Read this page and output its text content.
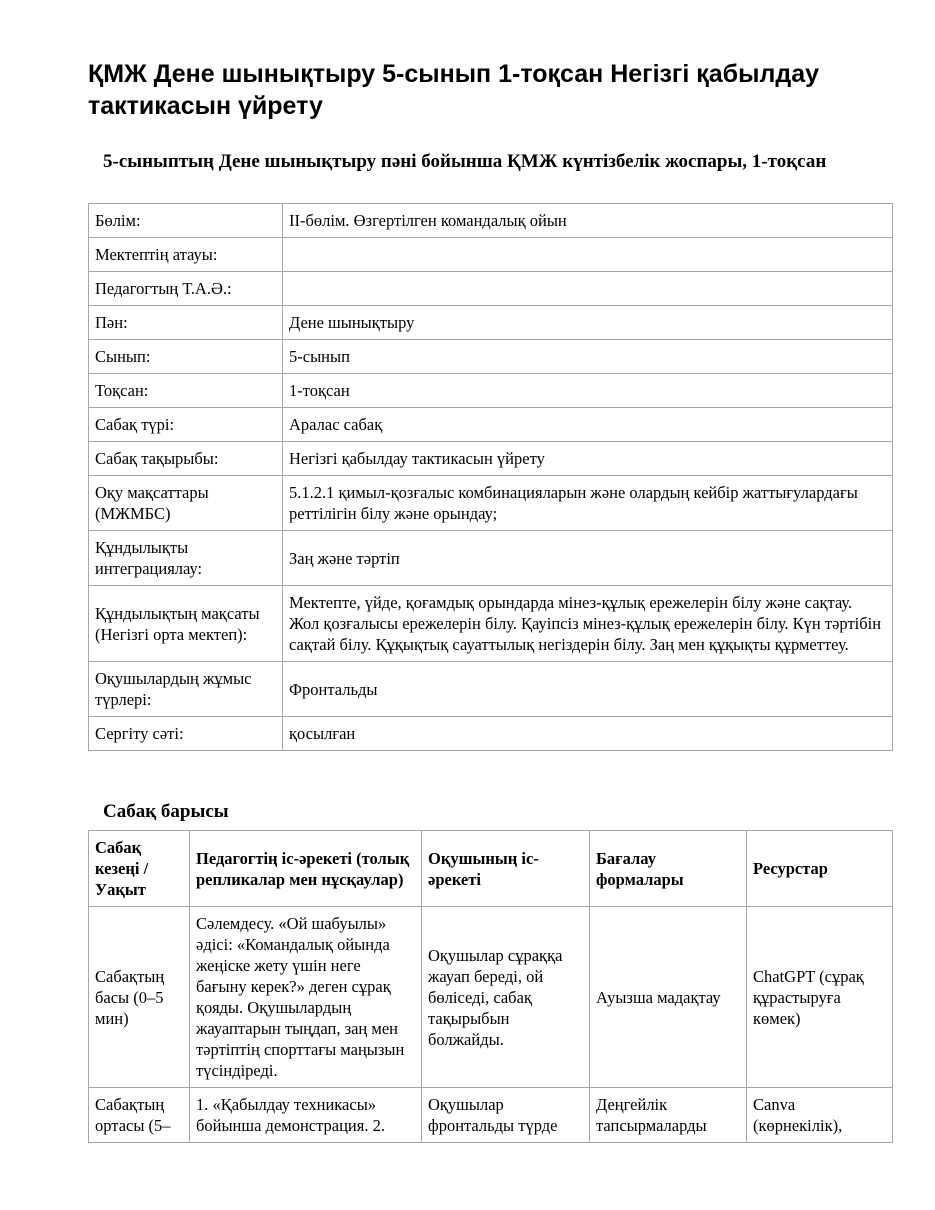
ҚМЖ Дене шынықтыру 5-сынып 1-тоқсан Негізгі қабылдау тактикасын үйрету
5-сыныптың Дене шынықтыру пәні бойынша ҚМЖ күнтізбелік жоспары, 1-тоқсан
Бөлім:	ІІ-бөлім. Өзгертілген командалық ойын
Мектептің атауы:	
Педагогтың Т.А.Ә.:	
Пән:	Дене шынықтыру
Сынып:	5-сынып
Тоқсан:	1-тоқсан
Сабақ түрі:	Аралас сабақ
Сабақ тақырыбы:	Негізгі қабылдау тактикасын үйрету
Оқу мақсаттары (МЖМБС)	5.1.2.1 қимыл-қозғалыс комбинацияларын және олардың кейбір жаттығулардағы реттілігін білу және орындау;
Құндылықты интеграциялау:	Заң және тәртіп
Құндылықтың мақсаты (Негізгі орта мектеп):	Мектепте, үйде, қоғамдық орындарда мінез-құлық ережелерін білу және сақтау. Жол қозғалысы ережелерін білу. Қауіпсіз мінез-құлық ережелерін білу. Күн тәртібін сақтай білу. Құқықтық сауаттылық негіздерін білу. Заң мен құқықты құрметтеу.
Оқушылардың жұмыс түрлері:	Фронтальды
Сергіту сәті:	қосылған
Сабақ барысы
Сабақ кезеңі / Уақыт	Педагогтің іс-әрекеті (толық репликалар мен нұсқаулар)	Оқушының іс-әрекеті	Бағалау формалары	Ресурстар
Сабақтың басы (0–5 мин)	Сәлемдесу. «Ой шабуылы» әдісі: «Командалық ойында жеңіске жету үшін неге бағыну керек?» деген сұрақ қояды. Оқушылардың жауаптарын тыңдап, заң мен тәртіптің спорттағы маңызын түсіндіреді.	Оқушылар сұраққа жауап береді, ой бөліседі, сабақ тақырыбын болжайды.	Ауызша мадақтау	ChatGPT (сұрақ құрастыруға көмек)
Сабақтың ортасы (5–	1. «Қабылдау техникасы» бойынша демонстрация. 2.	Оқушылар фронтальды түрде	Деңгейлік тапсырмаларды	Canva (көрнекілік),
